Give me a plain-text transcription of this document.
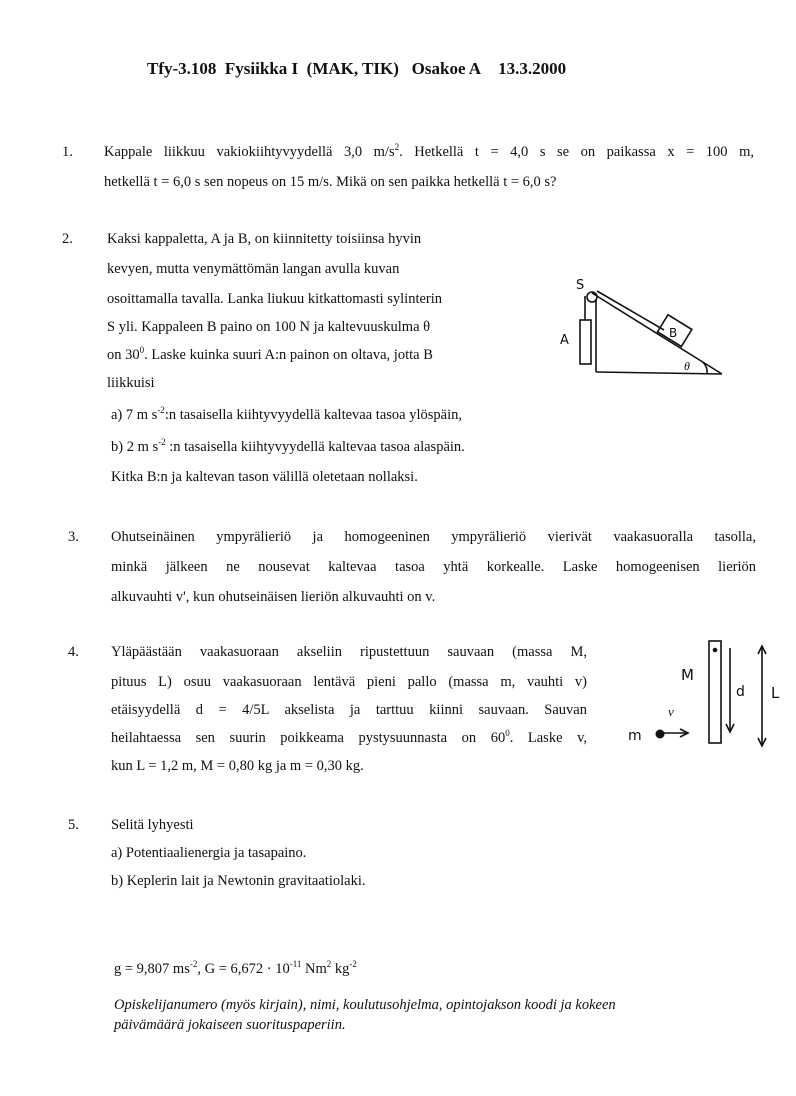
Tfy-3.108 Fysiikka I (MAK, TIK) Osakoe A 13.3.2000
1. Kappale liikkuu vakiokiihtyvyydellä 3,0 $m/s^2$. Hetkellä t = 4,0 s se on paikassa x = 100 m,
hetkellä t = 6,0 s sen nopeus on 15 m/s. Mikä on sen paikka hetkellä t = 6,0 s?
2. Kaksi kappaletta, A ja B, on kiinnitetty toisiinsa hyvin
kevyen, mutta venymättömän langan avulla kuvan
osoittamalla tavalla. Lanka liukuu kitkattomasti sylinterin
S yli. Kappaleen B paino on 100 N ja kaltevuuskulma θ
on $30^0$. Laske kuinka suuri A:n painon on oltava, jotta B
liikkuisi
a) 7 m $s^{-2}:n$ tasaisella kiihtyvyydellä kaltevaa tasoa ylöspäin,
b) 2 m $s^{-2}$ :n tasaisella kiihtyvyydellä kaltevaa tasoa alaspäin.
Kitka B:n ja kaltevan tason välillä oletetaan nollaksi.
S
A	B
θ
3. Ohutseinäinen ympyrälieriö ja homogeeninen ympyrälieriö vierivät vaakasuoralla tasolla,
minkä jälkeen ne nousevat kaltevaa tasoa yhtä korkealle. Laske homogeenisen lieriön
alkuvauhti v', kun ohutseinäisen lieriön alkuvauhti on v.
4. Yläpäästään vaakasuoraan akseliin ripustettuun sauvaan (massa M,
pituus L) osuu vaakasuoraan lentävä pieni pallo (massa m, vauhti v)
etäisyydellä d = 4/5L akselista ja tarttuu kiinni sauvaan. Sauvan
heilahtaessa sen suurin poikkeama pystysuunnasta on $60^0$. Laske v,
kun L = 1,2 m, M = 0,80 kg ja m = 0,30 kg.
M
d L
v
m
5. Selitä lyhyesti
a) Potentiaalienergia ja tasapaino.
b) Keplerin lait ja Newtonin gravitaatiolaki.
g = 9,807 $ms^{-2}$, $G = 6,672 \cdot 10^{-11}$ Nm$^2$ $kg^{-2}$
Opiskelijanumero (myös kirjain), nimi, koulutusohjelma, opintojakson koodi ja kokeen
päivämäärä jokaiseen suorituspaperiin.
